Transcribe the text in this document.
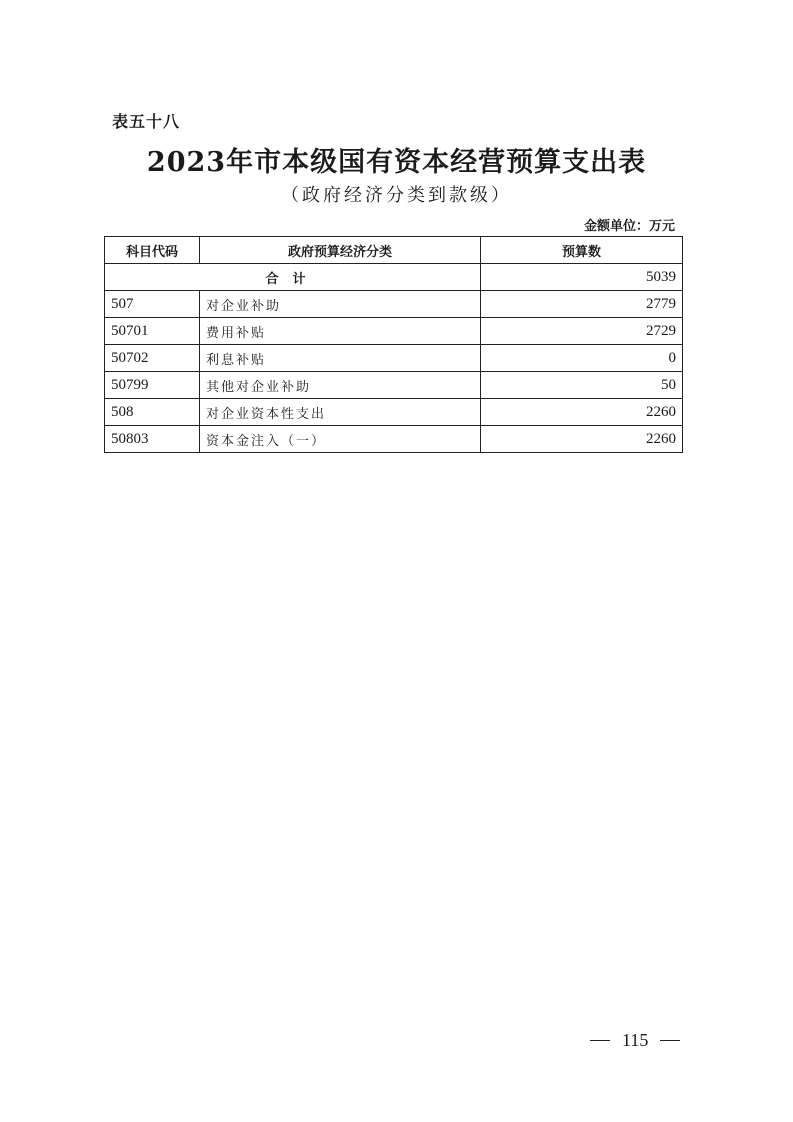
表五十八
2023年市本级国有资本经营预算支出表
（政府经济分类到款级）
金额单位：万元
科目代码	政府预算经济分类	预算数
合计		5039
507	对企业补助	2779
50701	费用补贴	2729
50702	利息补贴	0
50799	其他对企业补助	50
508	对企业资本性支出	2260
50803	资本金注入（一）	2260
115
